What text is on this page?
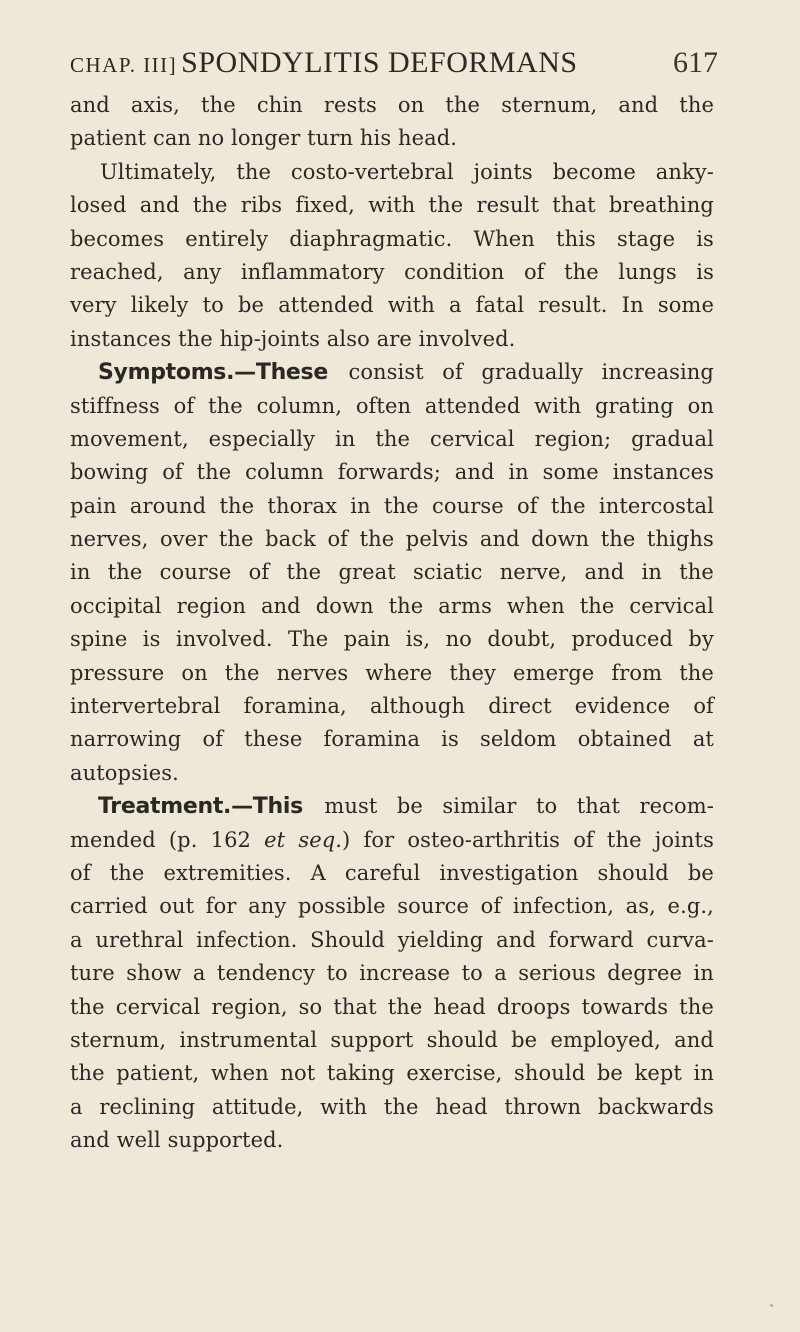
CHAP. III] SPONDYLITIS DEFORMANS	617
and axis, the chin rests on the sternum, and the
patient can no longer turn his head.
Ultimately, the costo-vertebral joints become anky-
losed and the ribs fixed, with the result that breathing
becomes entirely diaphragmatic. When this stage is
reached, any inflammatory condition of the lungs is
very likely to be attended with a fatal result. In some
instances the hip-joints also are involved.
Symptoms.—These consist of gradually increasing
stiffness of the column, often attended with grating on
movement, especially in the cervical region; gradual
bowing of the column forwards; and in some instances
pain around the thorax in the course of the intercostal
nerves, over the back of the pelvis and down the thighs
in the course of the great sciatic nerve, and in the
occipital region and down the arms when the cervical
spine is involved. The pain is, no doubt, produced by
pressure on the nerves where they emerge from the
intervertebral foramina, although direct evidence of
narrowing of these foramina is seldom obtained at
autopsies.
Treatment.—This must be similar to that recom-
mended (p. 162 et seq.) for osteo-arthritis of the joints
of the extremities. A careful investigation should be
carried out for any possible source of infection, as, e.g.,
a urethral infection. Should yielding and forward curva-
ture show a tendency to increase to a serious degree in
the cervical region, so that the head droops towards the
sternum, instrumental support should be employed, and
the patient, when not taking exercise, should be kept in
a reclining attitude, with the head thrown backwards
and well supported.
